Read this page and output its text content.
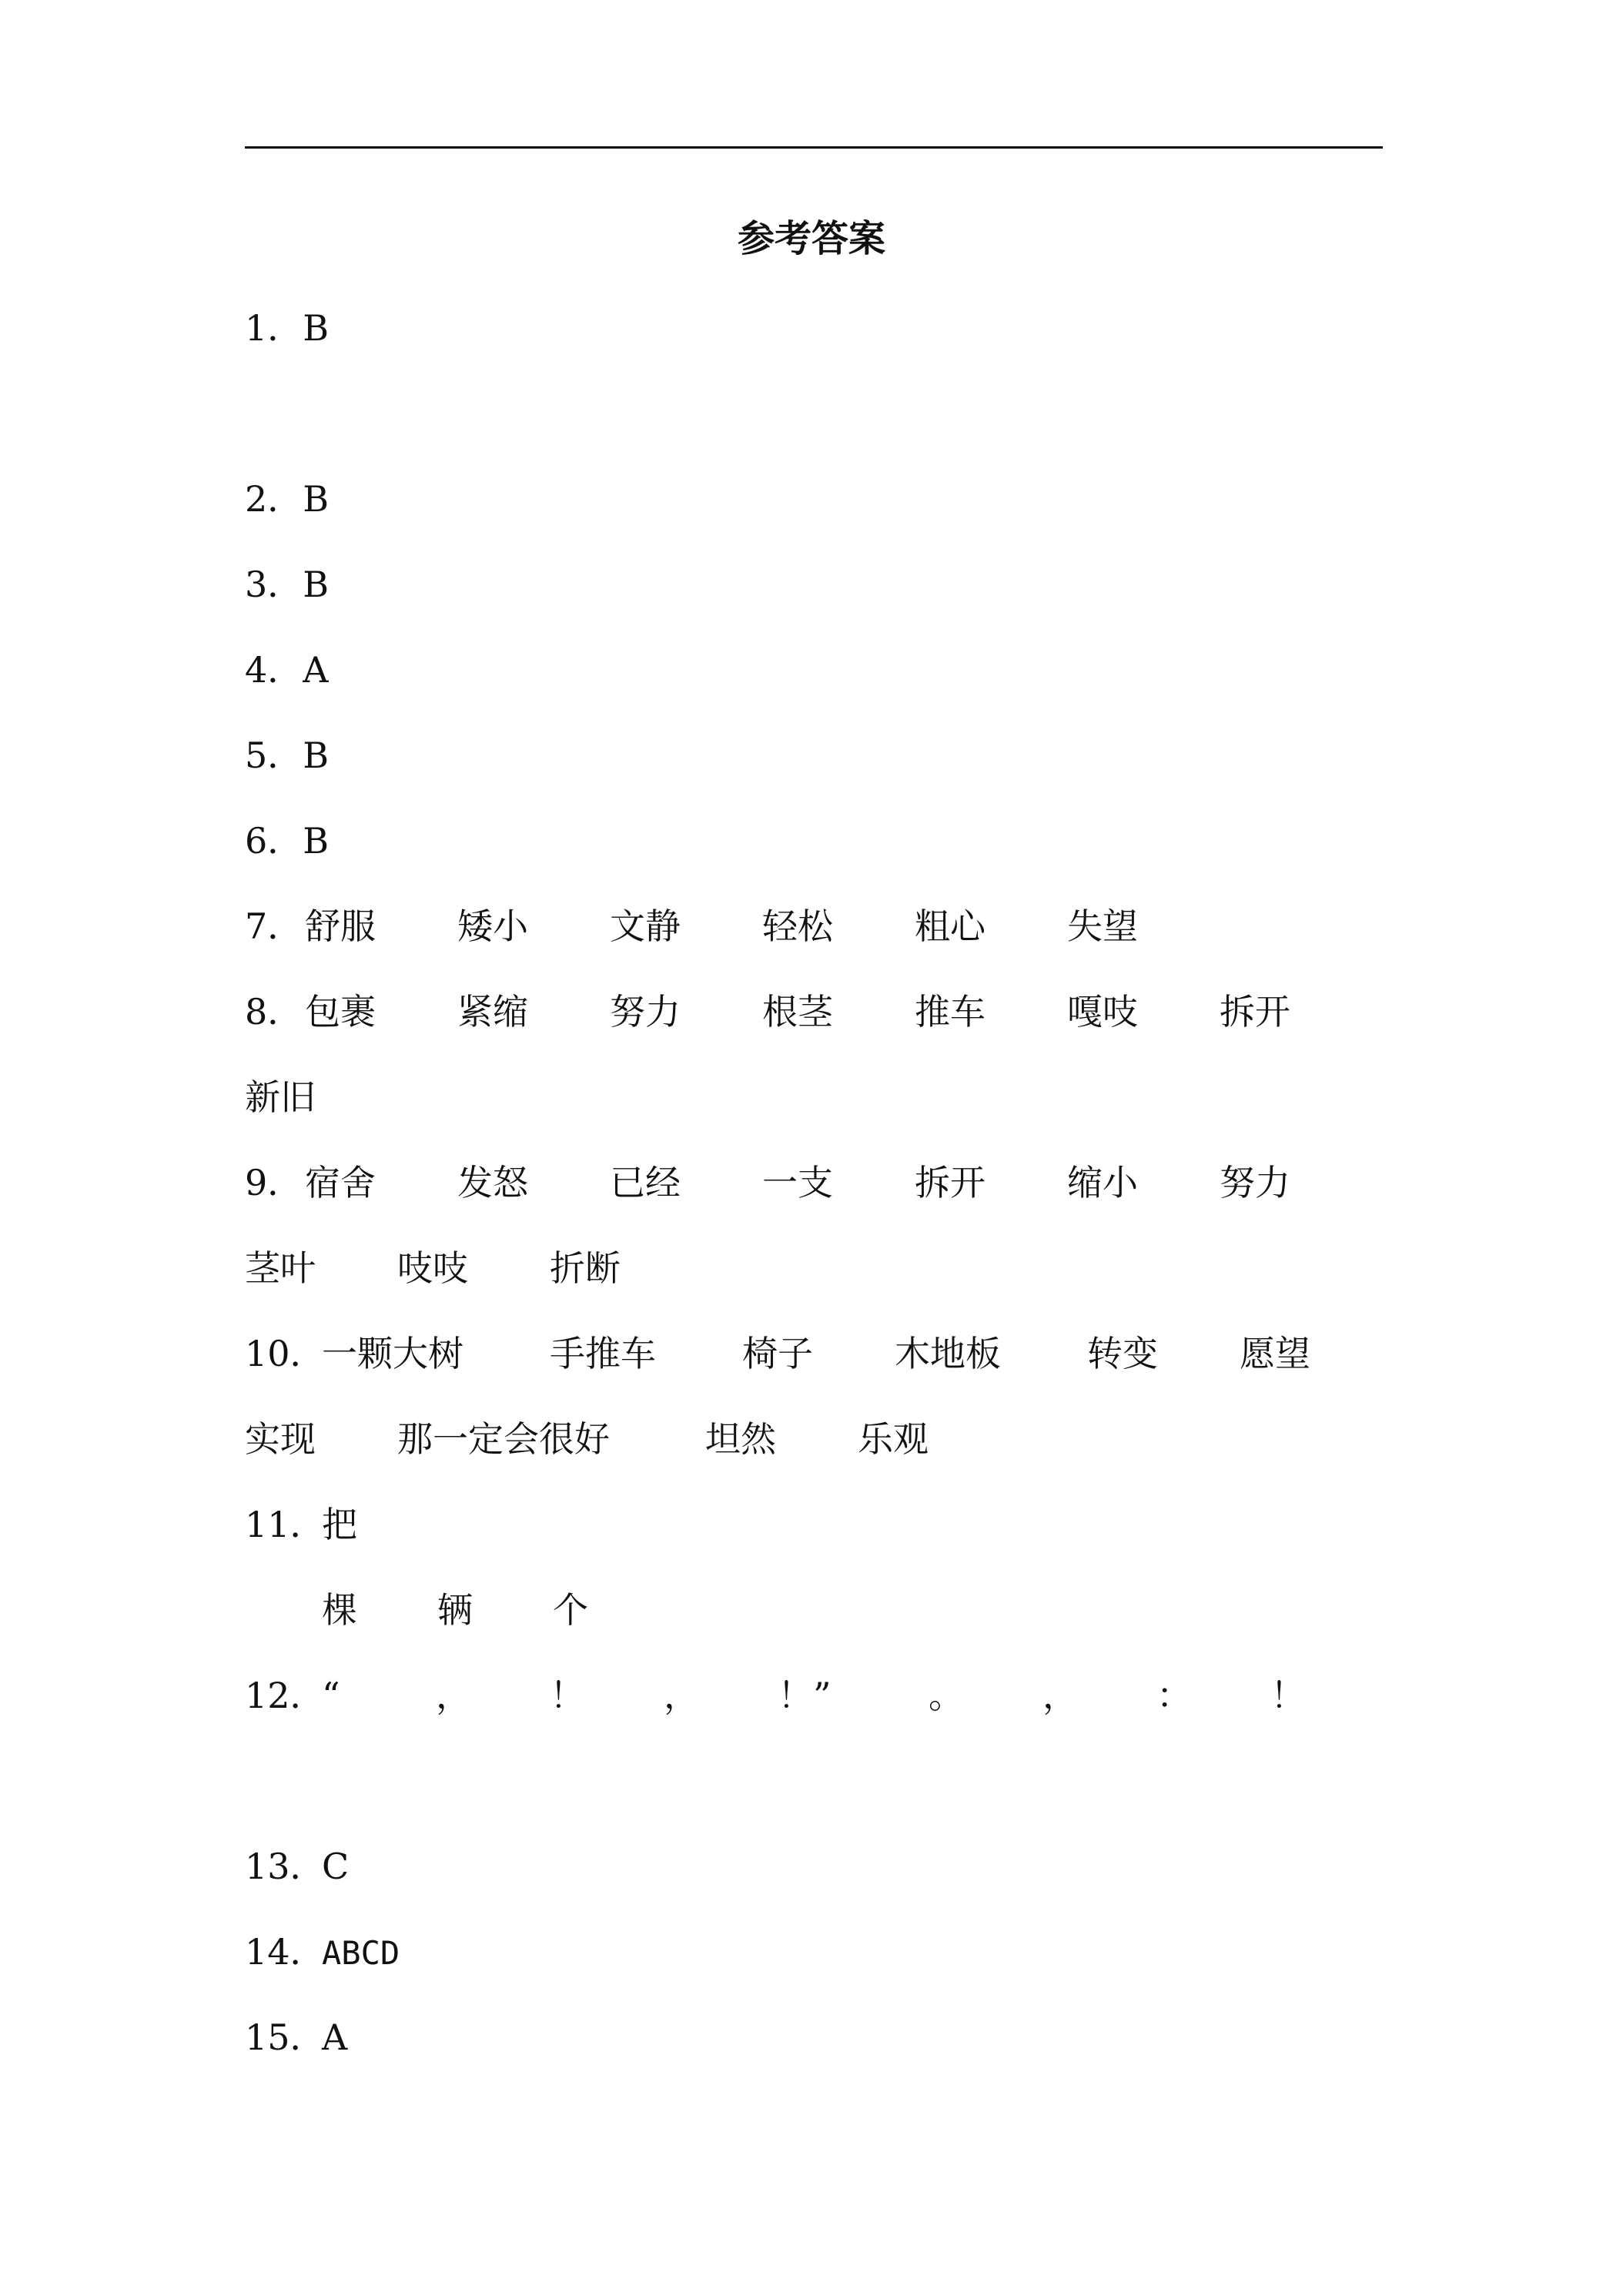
参考答案
1．B
2．B
3．B
4．A
5．B
6．B
7．舒服 矮小 文静 轻松 粗心 失望
8．包裹 紧缩 努力 根茎 推车 嘎吱 拆开
新旧
9．宿舍 发怒 已经 一支 拆开 缩小 努力
茎叶 吱吱 折断
10．一颗大树 手推车 椅子 木地板 转变 愿望
实现 那一定会很好	坦然 乐观
11．把
棵 辆 个
12．“	， ！ ， ！”	。 ， ： ！
13．C
14．ABCD
15．A
